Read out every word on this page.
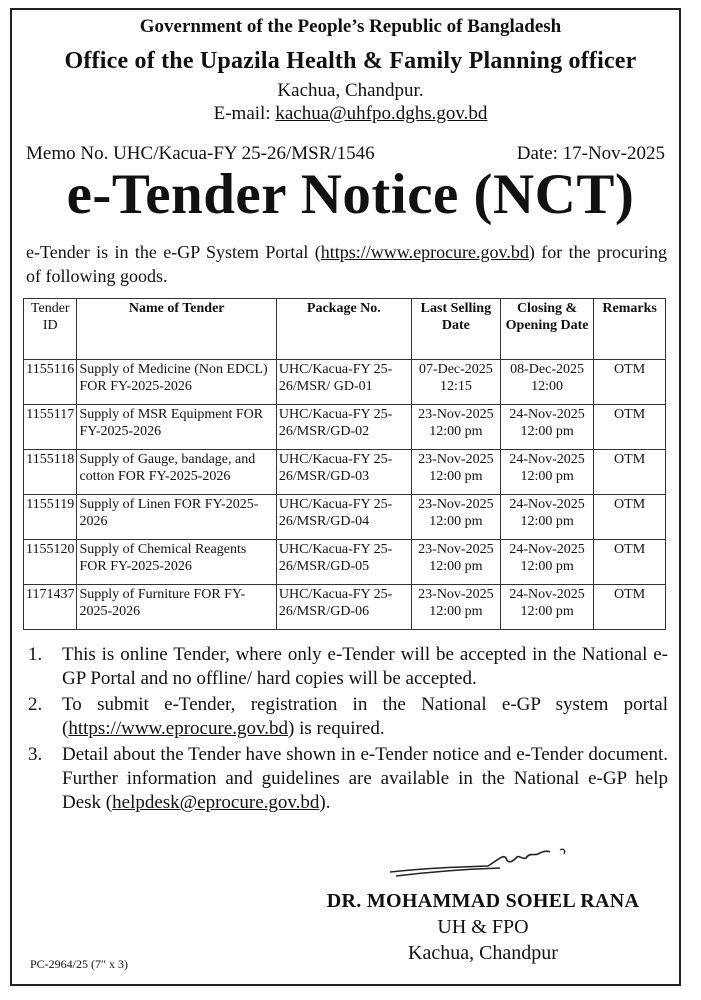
Government of the People’s Republic of Bangladesh
Office of the Upazila Health & Family Planning officer
Kachua, Chandpur.
E-mail: kachua@uhfpo.dghs.gov.bd
Memo No. UHC/Kacua-FY 25-26/MSR/1546	Date: 17-Nov-2025
e-Tender Notice (NCT)
e-Tender is in the e-GP System Portal (https://www.eprocure.gov.bd) for the procuring of following goods.
Tender ID	Name of Tender	Package No.	Last Selling Date	Closing & Opening Date	Remarks
1155116	Supply of Medicine (Non EDCL) FOR FY-2025-2026	UHC/Kacua-FY 25-26/MSR/ GD-01	07-Dec-2025 12:15	08-Dec-2025 12:00	OTM
1155117	Supply of MSR Equipment FOR FY-2025-2026	UHC/Kacua-FY 25-26/MSR/GD-02	23-Nov-2025 12:00 pm	24-Nov-2025 12:00 pm	OTM
1155118	Supply of Gauge, bandage, and cotton FOR FY-2025-2026	UHC/Kacua-FY 25-26/MSR/GD-03	23-Nov-2025 12:00 pm	24-Nov-2025 12:00 pm	OTM
1155119	Supply of Linen FOR FY-2025-2026	UHC/Kacua-FY 25-26/MSR/GD-04	23-Nov-2025 12:00 pm	24-Nov-2025 12:00 pm	OTM
1155120	Supply of Chemical Reagents FOR FY-2025-2026	UHC/Kacua-FY 25-26/MSR/GD-05	23-Nov-2025 12:00 pm	24-Nov-2025 12:00 pm	OTM
1171437	Supply of Furniture FOR FY-2025-2026	UHC/Kacua-FY 25-26/MSR/GD-06	23-Nov-2025 12:00 pm	24-Nov-2025 12:00 pm	OTM
1.	This is online Tender, where only e-Tender will be accepted in the National e-GP Portal and no offline/ hard copies will be accepted.
2.	To submit e-Tender, registration in the National e-GP system portal (https://www.eprocure.gov.bd) is required.
3.	Detail about the Tender have shown in e-Tender notice and e-Tender document. Further information and guidelines are available in the National e-GP help Desk (helpdesk@eprocure.gov.bd).
DR. MOHAMMAD SOHEL RANA
UH & FPO
Kachua, Chandpur
PC-2964/25 (7″ x 3)
